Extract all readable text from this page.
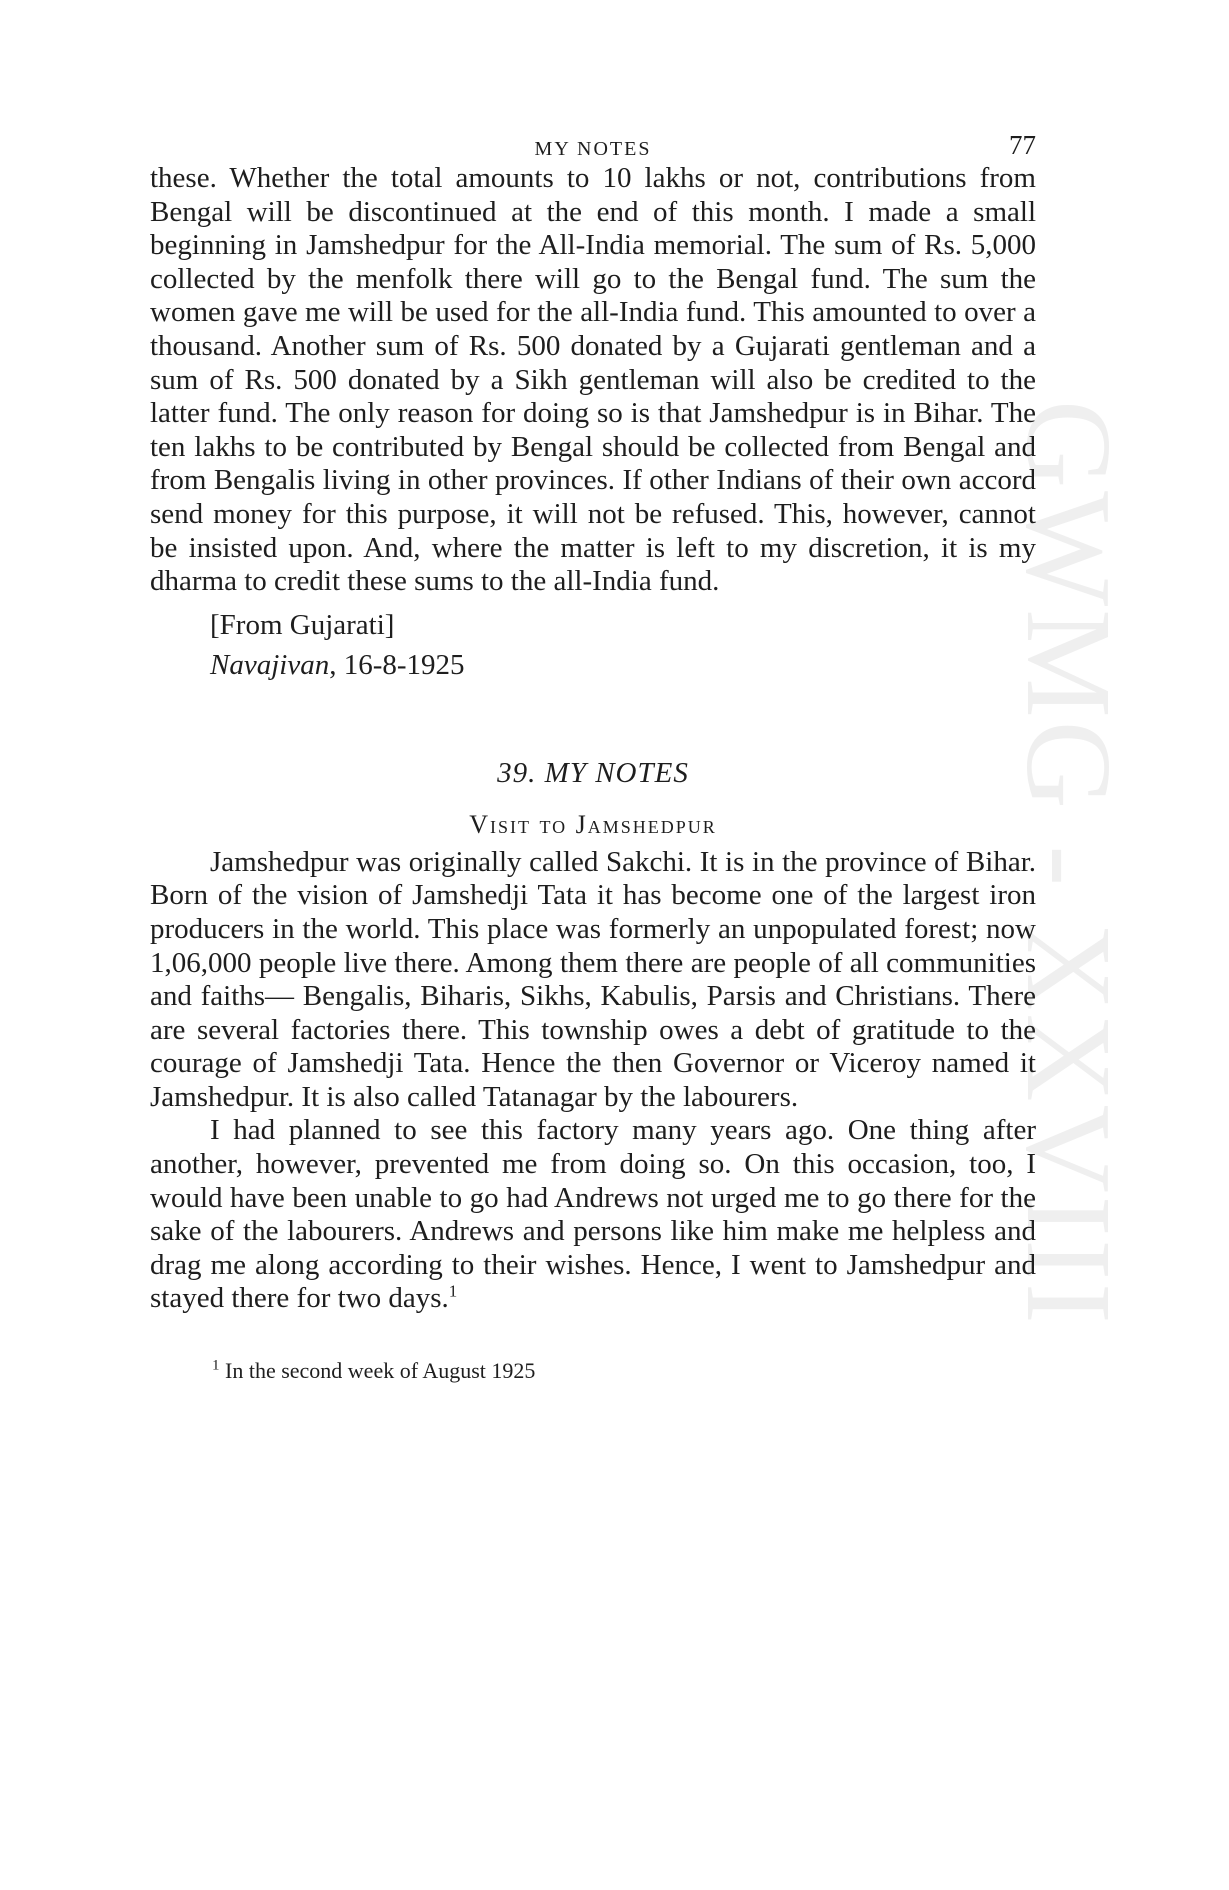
GWMG - XXVIII
MY NOTES	77

these. Whether the total amounts to 10 lakhs or not, contributions from Bengal will be discontinued at the end of this month. I made a small beginning in Jamshedpur for the All-India memorial. The sum of Rs. 5,000 collected by the menfolk there will go to the Bengal fund. The sum the women gave me will be used for the all-India fund. This amounted to over a thousand. Another sum of Rs. 500 donated by a Gujarati gentleman and a sum of Rs. 500 donated by a Sikh gentleman will also be credited to the latter fund. The only reason for doing so is that Jamshedpur is in Bihar. The ten lakhs to be contributed by Bengal should be collected from Bengal and from Bengalis living in other provinces. If other Indians of their own accord send money for this purpose, it will not be refused. This, however, cannot be insisted upon. And, where the matter is left to my discretion, it is my dharma to credit these sums to the all-India fund.

[From Gujarati]
Navajivan, 16-8-1925
39. MY NOTES
Visit to Jamshedpur

Jamshedpur was originally called Sakchi. It is in the province of Bihar. Born of the vision of Jamshedji Tata it has become one of the largest iron producers in the world. This place was formerly an unpopulated forest; now 1,06,000 people live there. Among them there are people of all communities and faiths— Bengalis, Biharis, Sikhs, Kabulis, Parsis and Christians. There are several factories there. This township owes a debt of gratitude to the courage of Jamshedji Tata. Hence the then Governor or Viceroy named it Jamshedpur. It is also called Tatanagar by the labourers.

I had planned to see this factory many years ago. One thing after another, however, prevented me from doing so. On this occasion, too, I would have been unable to go had Andrews not urged me to go there for the sake of the labourers. Andrews and persons like him make me helpless and drag me along according to their wishes. Hence, I went to Jamshedpur and stayed there for two days.$^1$

$^1$ In the second week of August 1925
